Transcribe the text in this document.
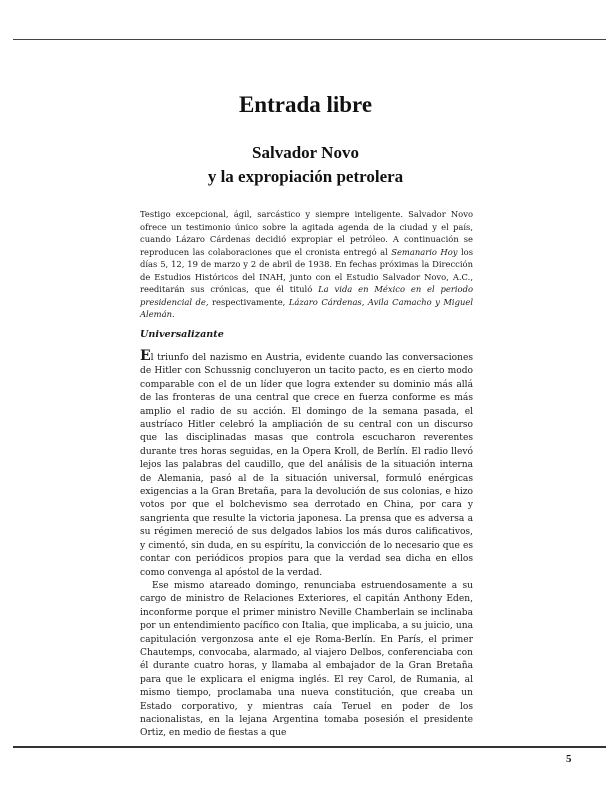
Entrada libre
Salvador Novo
y la expropiación petrolera

Testigo excepcional, ágil, sarcástico y siempre inteligente. Salvador Novo ofrece un testimonio único sobre la agitada agenda de la ciudad y el país, cuando Lázaro Cárdenas decidió expropiar el petróleo. A continuación se reproducen las colaboraciones que el cronista entregó al Semanario Hoy los días 5, 12, 19 de marzo y 2 de abril de 1938. En fechas próximas la Dirección de Estudios Históricos del INAH, junto con el Estudio Salvador Novo, A.C., reeditarán sus crónicas, que él tituló La vida en México en el periodo presidencial de, respectivamente, Lázaro Cárdenas, Avila Camacho y Miguel Alemán.

Universalizante

El triunfo del nazismo en Austria, evidente cuando las conversaciones de Hitler con Schussnig concluyeron un tacito pacto, es en cierto modo comparable con el de un líder que logra extender su dominio más allá de las fronteras de una central que crece en fuerza conforme es más amplio el radio de su acción. El domingo de la semana pasada, el austríaco Hitler celebró la ampliación de su central con un discurso que las disciplinadas masas que controla escucharon reverentes durante tres horas seguidas, en la Opera Kroll, de Berlín. El radio llevó lejos las palabras del caudillo, que del análisis de la situación interna de Alemania, pasó al de la situación universal, formuló enérgicas exigencias a la Gran Bretaña, para la devolución de sus colonias, e hizo votos por que el bolchevismo sea derrotado en China, por cara y sangrienta que resulte la victoria japonesa. La prensa que es adversa a su régimen mereció de sus delgados labios los más duros calificativos, y cimentó, sin duda, en su espíritu, la convicción de lo necesario que es contar con periódicos propios para que la verdad sea dicha en ellos como convenga al apóstol de la verdad.

Ese mismo atareado domingo, renunciaba estruendosamente a su cargo de ministro de Relaciones Exteriores, el capitán Anthony Eden, inconforme porque el primer ministro Neville Chamberlain se inclinaba por un entendimiento pacífico con Italia, que implicaba, a su juicio, una capitulación vergonzosa ante el eje Roma-Berlín. En París, el primer Chautemps, convocaba, alarmado, al viajero Delbos, conferenciaba con él durante cuatro horas, y llamaba al embajador de la Gran Bretaña para que le explicara el enigma inglés. El rey Carol, de Rumania, al mismo tiempo, proclamaba una nueva constitución, que creaba un Estado corporativo, y mientras caía Teruel en poder de los nacionalistas, en la lejana Argentina tomaba posesión el presidente Ortiz, en medio de fiestas a que

5
